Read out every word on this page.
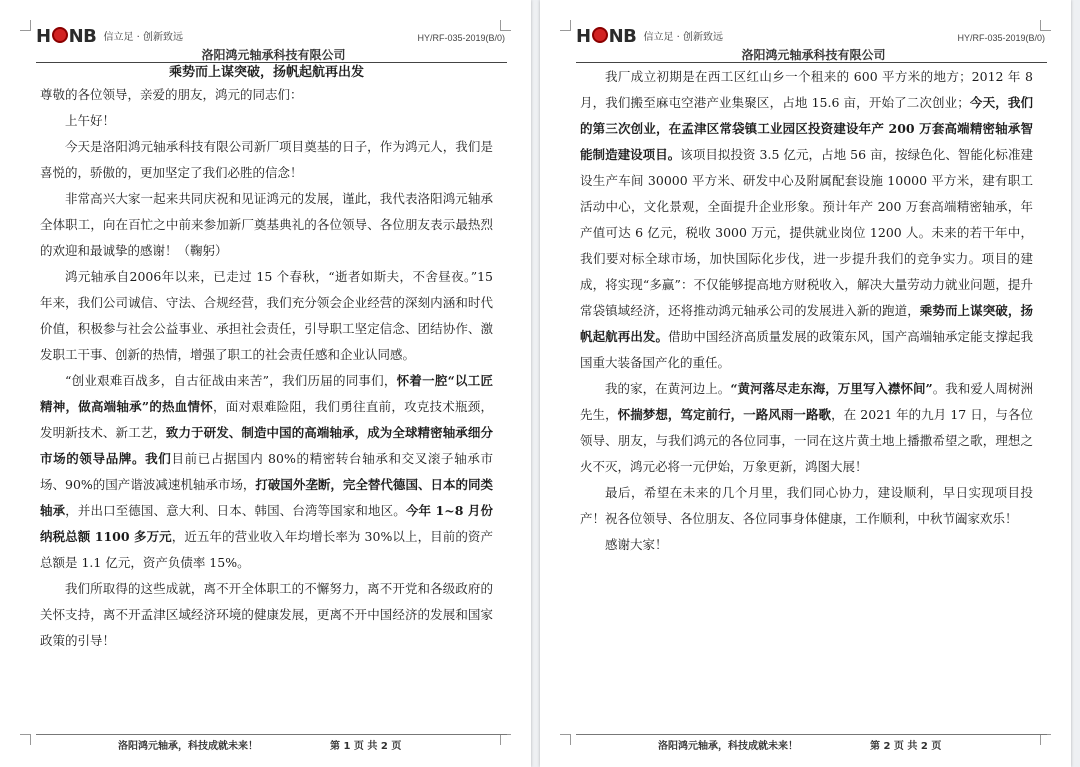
H NB 信立足 · 创新致远	HY/RF-035-2019(B/0)
洛阳鸿元轴承科技有限公司

乘势而上谋突破，扬帆起航再出发

尊敬的各位领导，亲爱的朋友，鸿元的同志们：

上午好！

今天是洛阳鸿元轴承科技有限公司新厂项目奠基的日子，作为鸿元人，我们是喜悦的，骄傲的，更加坚定了我们必胜的信念！

非常高兴大家一起来共同庆祝和见证鸿元的发展，谨此，我代表洛阳鸿元轴承全体职工，向在百忙之中前来参加新厂奠基典礼的各位领导、各位朋友表示最热烈的欢迎和最诚挚的感谢！（鞠躬）

鸿元轴承自2006年以来，已走过 15 个春秋，“逝者如斯夫，不舍昼夜。”15 年来，我们公司诚信、守法、合规经营，我们充分领会企业经营的深刻内涵和时代价值，积极参与社会公益事业、承担社会责任，引导职工坚定信念、团结协作、激发职工干事、创新的热情，增强了职工的社会责任感和企业认同感。

“创业艰难百战多，自古征战由来苦”，我们历届的同事们，怀着一腔“以工匠精神，做高端轴承”的热血情怀，面对艰难险阻，我们勇往直前，攻克技术瓶颈，发明新技术、新工艺，致力于研发、制造中国的高端轴承，成为全球精密轴承细分市场的领导品牌。我们目前已占据国内 80%的精密转台轴承和交叉滚子轴承市场、90%的国产谐波减速机轴承市场，打破国外垄断，完全替代德国、日本的同类轴承，并出口至德国、意大利、日本、韩国、台湾等国家和地区。今年 1~8 月份纳税总额 1100 多万元，近五年的营业收入年均增长率为 30%以上，目前的资产总额是 1.1 亿元，资产负债率 15%。

我们所取得的这些成就，离不开全体职工的不懈努力，离不开党和各级政府的关怀支持，离不开孟津区域经济环境的健康发展，更离不开中国经济的发展和国家政策的引导！

洛阳鸿元轴承，科技成就未来！	第 1 页 共 2 页
H NB 信立足 · 创新致远	HY/RF-035-2019(B/0)
洛阳鸿元轴承科技有限公司

我厂成立初期是在西工区红山乡一个租来的 600 平方米的地方；2012 年 8 月，我们搬至麻屯空港产业集聚区，占地 15.6 亩，开始了二次创业；今天，我们的第三次创业，在孟津区常袋镇工业园区投资建设年产 200 万套高端精密轴承智能制造建设项目。该项目拟投资 3.5 亿元，占地 56 亩，按绿色化、智能化标准建设生产车间 30000 平方米、研发中心及附属配套设施 10000 平方米，建有职工活动中心，文化景观，全面提升企业形象。预计年产 200 万套高端精密轴承，年产值可达 6 亿元，税收 3000 万元，提供就业岗位 1200 人。未来的若干年中，我们要对标全球市场，加快国际化步伐，进一步提升我们的竞争实力。项目的建成，将实现“多赢”：不仅能够提高地方财税收入，解决大量劳动力就业问题，提升常袋镇域经济，还将推动鸿元轴承公司的发展进入新的跑道，乘势而上谋突破，扬帆起航再出发。借助中国经济高质量发展的政策东风，国产高端轴承定能支撑起我国重大装备国产化的重任。

我的家，在黄河边上。“黄河落尽走东海，万里写入襟怀间”。我和爱人周树洲先生，怀揣梦想，笃定前行，一路风雨一路歌，在 2021 年的九月 17 日，与各位领导、朋友，与我们鸿元的各位同事，一同在这片黄土地上播撒希望之歌，理想之火不灭，鸿元必将一元伊始，万象更新，鸿图大展！

最后，希望在未来的几个月里，我们同心协力，建设顺利，早日实现项目投产！祝各位领导、各位朋友、各位同事身体健康，工作顺利，中秋节阖家欢乐！

感谢大家！

洛阳鸿元轴承，科技成就未来！	第 2 页 共 2 页
